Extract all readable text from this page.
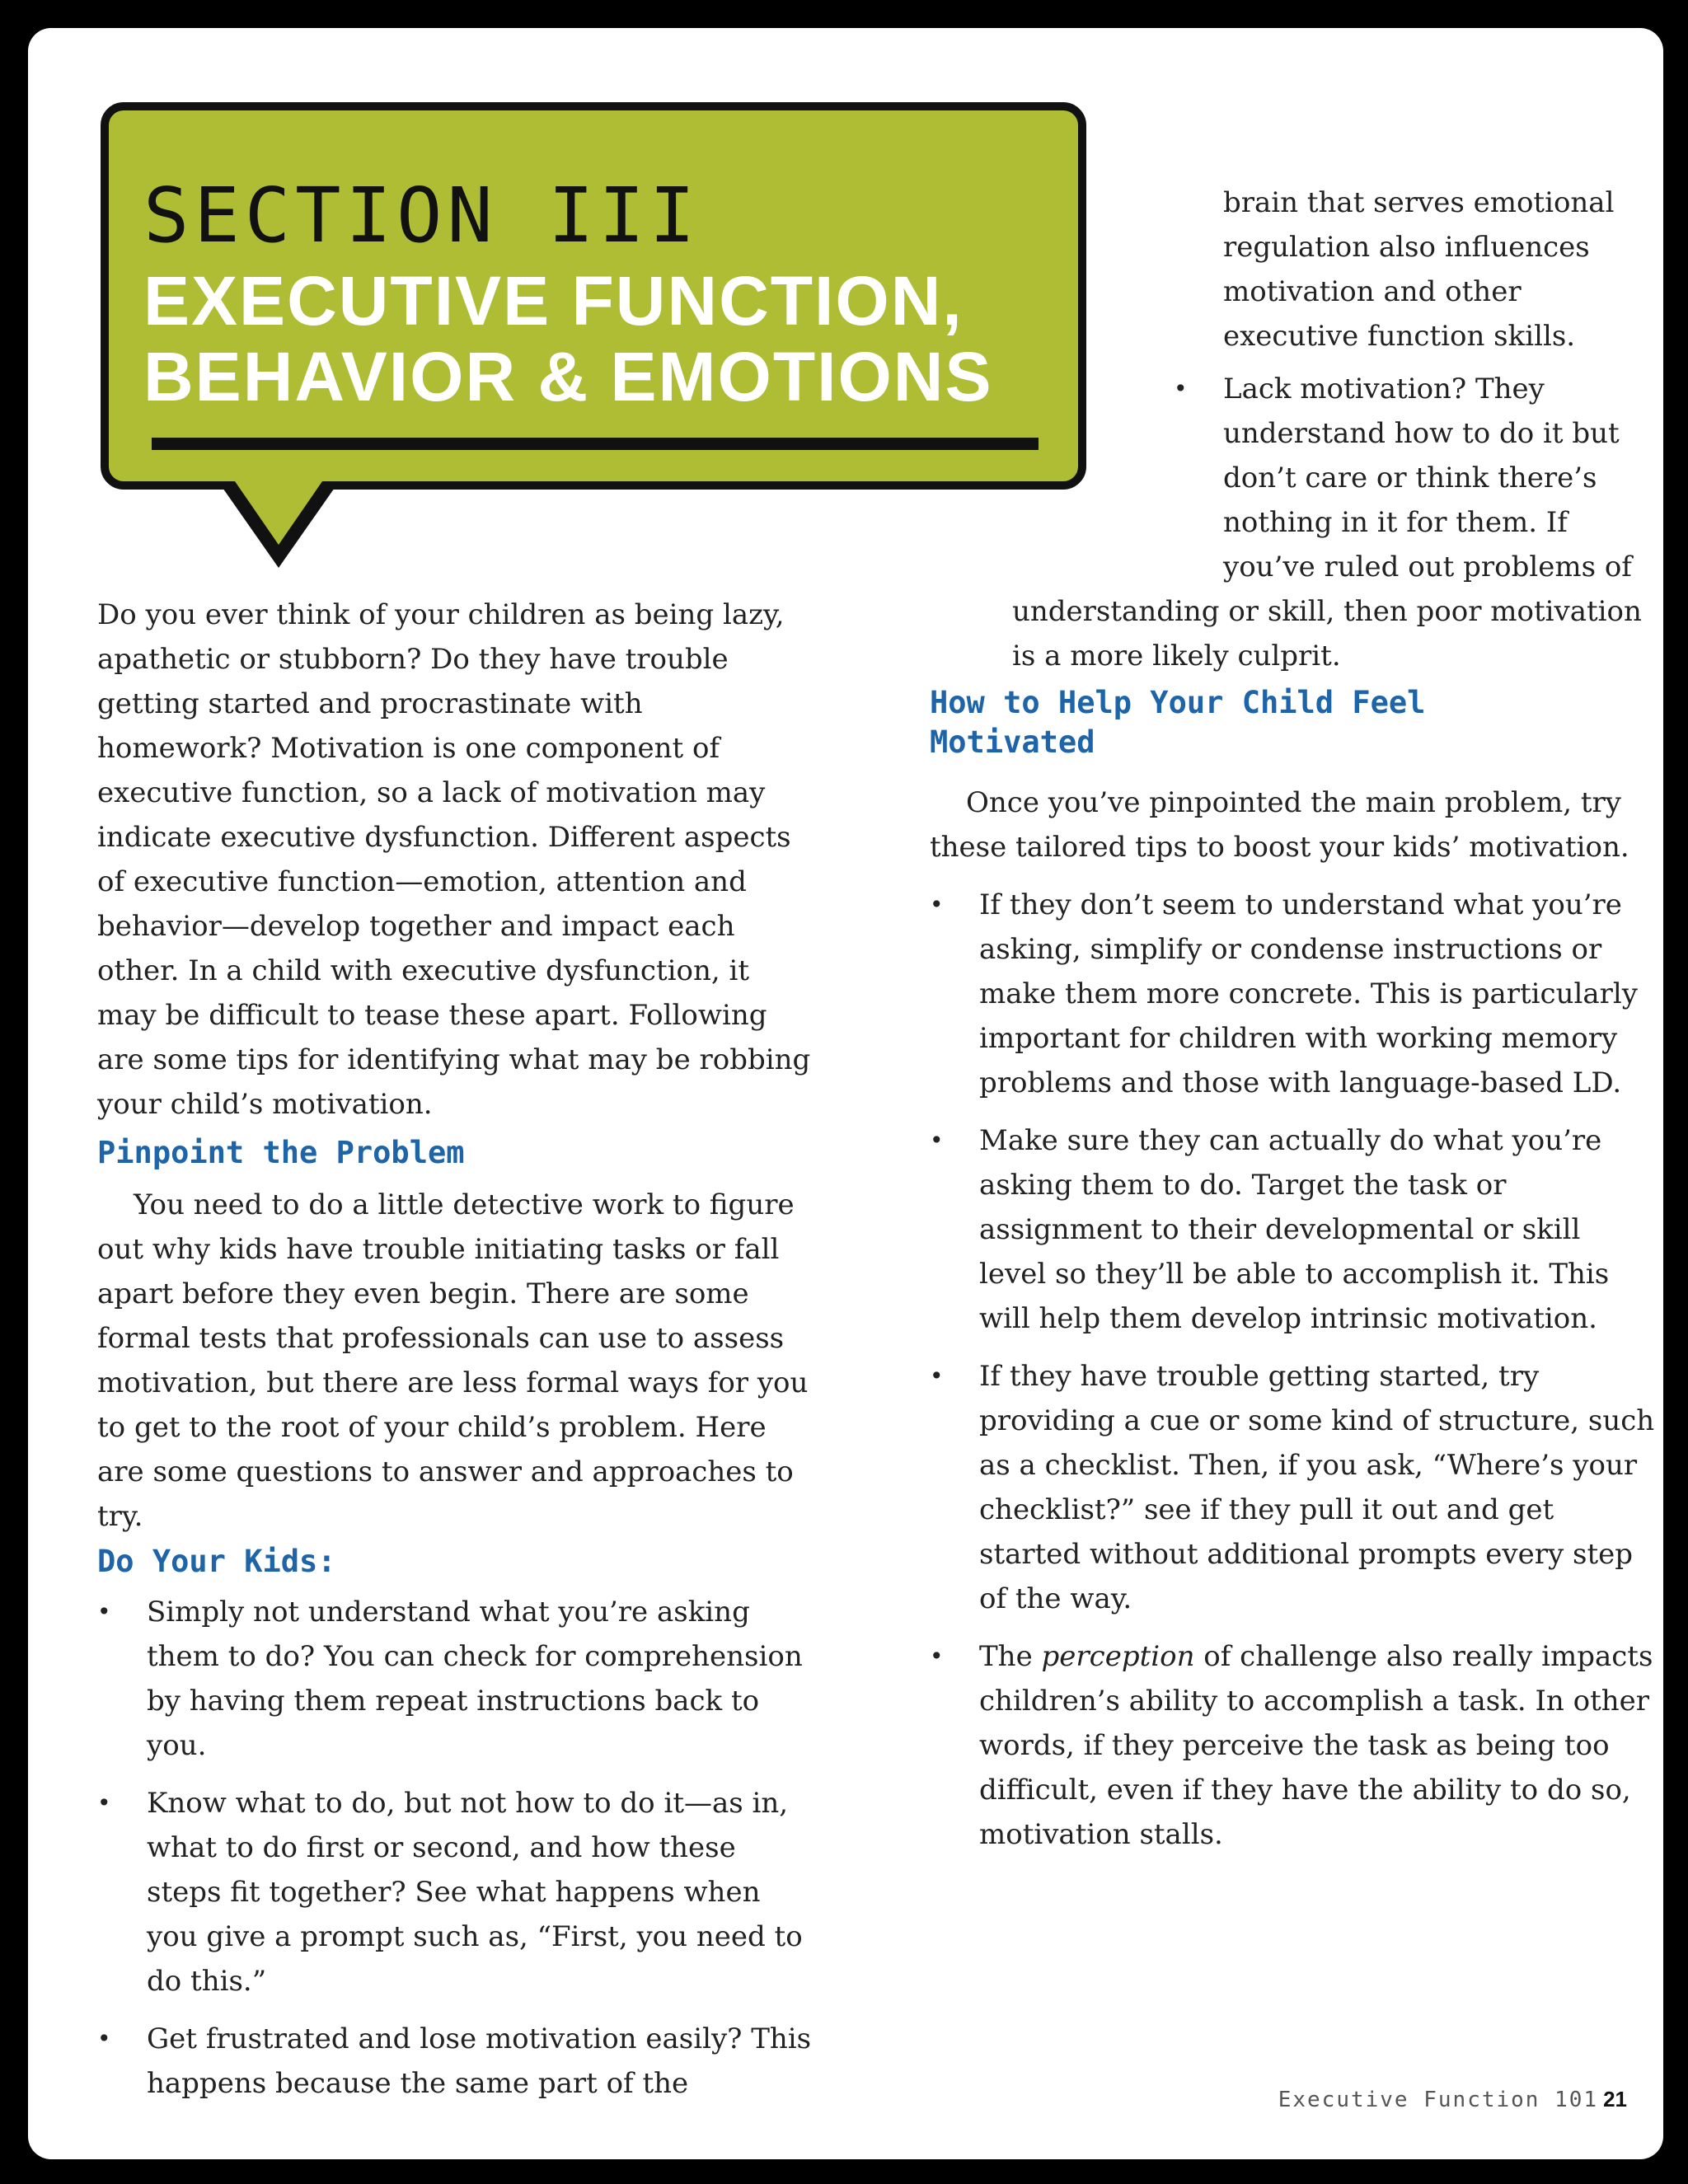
SECTION III
EXECUTIVE FUNCTION,
BEHAVIOR & EMOTIONS

Do you ever think of your children as being lazy, apathetic or stubborn? Do they have trouble getting started and procrastinate with homework? Motivation is one component of executive function, so a lack of motivation may indicate executive dysfunction. Different aspects of executive function—emotion, attention and behavior—develop together and impact each other. In a child with executive dysfunction, it may be difficult to tease these apart. Following are some tips for identifying what may be robbing your child’s motivation.

Pinpoint the Problem

You need to do a little detective work to figure out why kids have trouble initiating tasks or fall apart before they even begin. There are some formal tests that professionals can use to assess motivation, but there are less formal ways for you to get to the root of your child’s problem. Here are some questions to answer and approaches to try.

Do Your Kids:
• Simply not understand what you’re asking them to do? You can check for comprehension by having them repeat instructions back to you.
• Know what to do, but not how to do it—as in, what to do first or second, and how these steps fit together? See what happens when you give a prompt such as, “First, you need to do this.”
• Get frustrated and lose motivation easily? This happens because the same part of the
brain that serves emotional regulation also influences motivation and other executive function skills.
• Lack motivation? They understand how to do it but don’t care or think there’s nothing in it for them. If you’ve ruled out problems of

understanding or skill, then poor motivation is a more likely culprit.

How to Help Your Child Feel
Motivated

Once you’ve pinpointed the main problem, try these tailored tips to boost your kids’ motivation.

• If they don’t seem to understand what you’re asking, simplify or condense instructions or make them more concrete. This is particularly important for children with working memory problems and those with language-based LD.
• Make sure they can actually do what you’re asking them to do. Target the task or assignment to their developmental or skill level so they’ll be able to accomplish it. This will help them develop intrinsic motivation.
• If they have trouble getting started, try providing a cue or some kind of structure, such as a checklist. Then, if you ask, “Where’s your checklist?” see if they pull it out and get started without additional prompts every step of the way.
• The perception of challenge also really impacts children’s ability to accomplish a task. In other words, if they perceive the task as being too difficult, even if they have the ability to do so, motivation stalls.
Executive Function 101 21
